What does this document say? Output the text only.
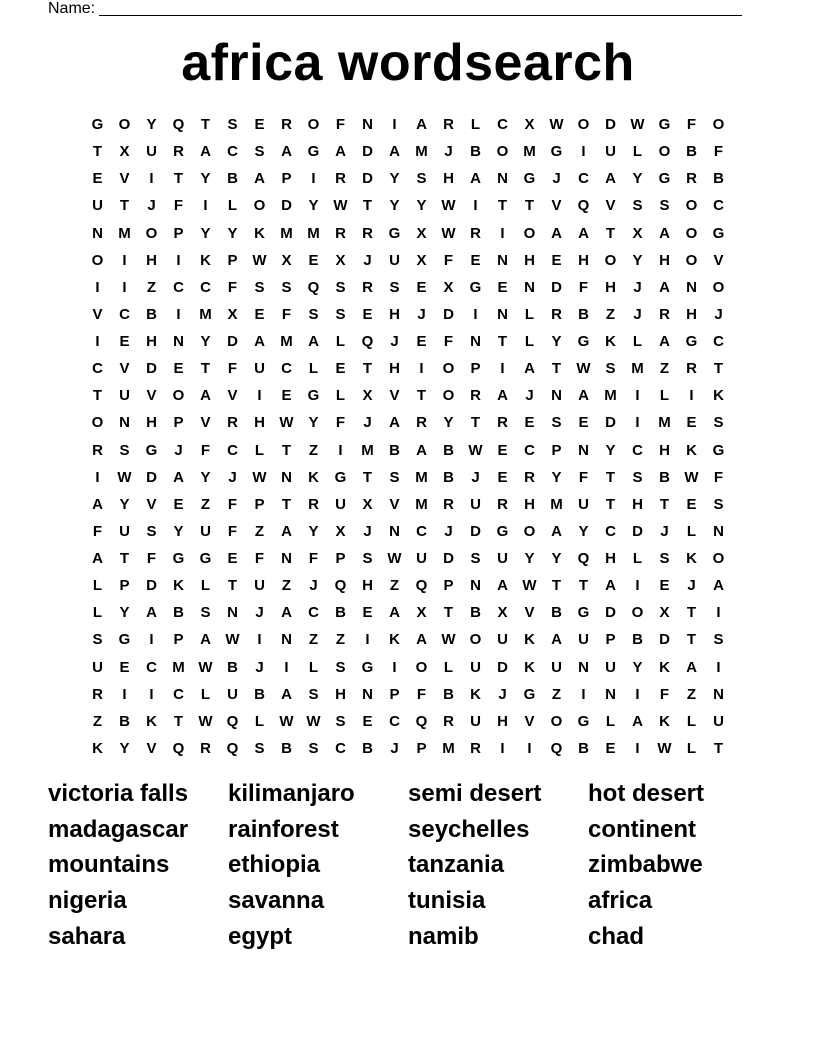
Name:
africa wordsearch
G	O	Y	Q	T	S	E	R	O	F	N	I	A	R	L	C	X W O	D W G	F	O
T	X	U	R	A	C	S	A	G	A	D	A	M	J	B	O M G	I	U	L	O	B	F
E	V	I	T	Y	B	A	P	I	R	D	Y	S	H	A	N	G	J	C	A	Y	G	R	B
U	T	J	F	I	L	O	D	Y W	T	Y	Y W	I	T	T	V	Q	V	S	S	O	C
N	M O	P	Y	Y	K	M M	R	R	G	X W R	I	O	A	A	T	X	A	O	G
O	I	H	I	K	P W X	E	X	J	U	X	F	E	N	H	E	H	O	Y	H	O	V
I	I	Z	C	C	F	S	S	Q	S	R	S	E	X	G	E	N	D	F	H	J	A	N	O
V	C	B	I	M	X	E	F	S	S	E	H	J	D	I	N	L	R	B	Z	J	R	H	J
I	E	H	N	Y	D	A	M	A	L	Q	J	E	F	N	T	L	Y	G	K	L	A	G	C
C	V	D	E	T	F	U	C	L	E	T	H	I	O	P	I	A	T	W S	M	Z	R	T
T	U	V	O	A	V	I	E	G	L	X	V	T	O	R	A	J	N	A	M	I	L	I	K
O	N	H	P	V	R	H W Y	F	J	A	R	Y	T	R	E	S	E	D	I	M	E	S
R	S	G	J	F	C	L	T	Z	I	M	B	A	B W E	C	P	N	Y	C	H	K	G
I	W D	A	Y	J	W N	K	G	T	S	M	B	J	E	R	Y	F	T	S	B W	F
A	Y	V	E	Z	F	P	T	R	U	X	V	M	R	U	R	H	M	U	T	H	T	E	S
F	U	S	Y	U	F	Z	A	Y	X	J	N	C	J	D	G	O	A	Y	C	D	J	L	N
A	T	F	G	G	E	F	N	F	P	S W U	D	S	U	Y	Y	Q	H	L	S	K	O
L	P	D	K	L	T	U	Z	J	Q	H	Z	Q	P	N	A W	T	T	A	I	E	J	A
L	Y	A	B	S	N	J	A	C	B	E	A	X	T	B	X	V	B	G	D	O	X	T	I
S	G	I	P	A W	I	N	Z	Z	I	K	A W O	U	K	A	U	P	B	D	T	S
U	E	C	M W B	J	I	L	S	G	I	O	L	U	D	K	U	N	U	Y	K	A	I
R	I	I	C	L	U	B	A	S	H	N	P	F	B	K	J	G	Z	I	N	I	F	Z	N
Z	B	K	T	W Q	L	W W S	E	C	Q	R	U	H	V	O	G	L	A	K	L	U
K	Y	V	Q	R	Q	S	B	S	C	B	J	P	M	R	I	I	Q	B	E	I	W	L	T
victoria falls	kilimanjaro	semi desert	hot desert
madagascar	rainforest	seychelles	continent
mountains	ethiopia	tanzania	zimbabwe
nigeria	savanna	tunisia	africa
sahara	egypt	namib	chad
